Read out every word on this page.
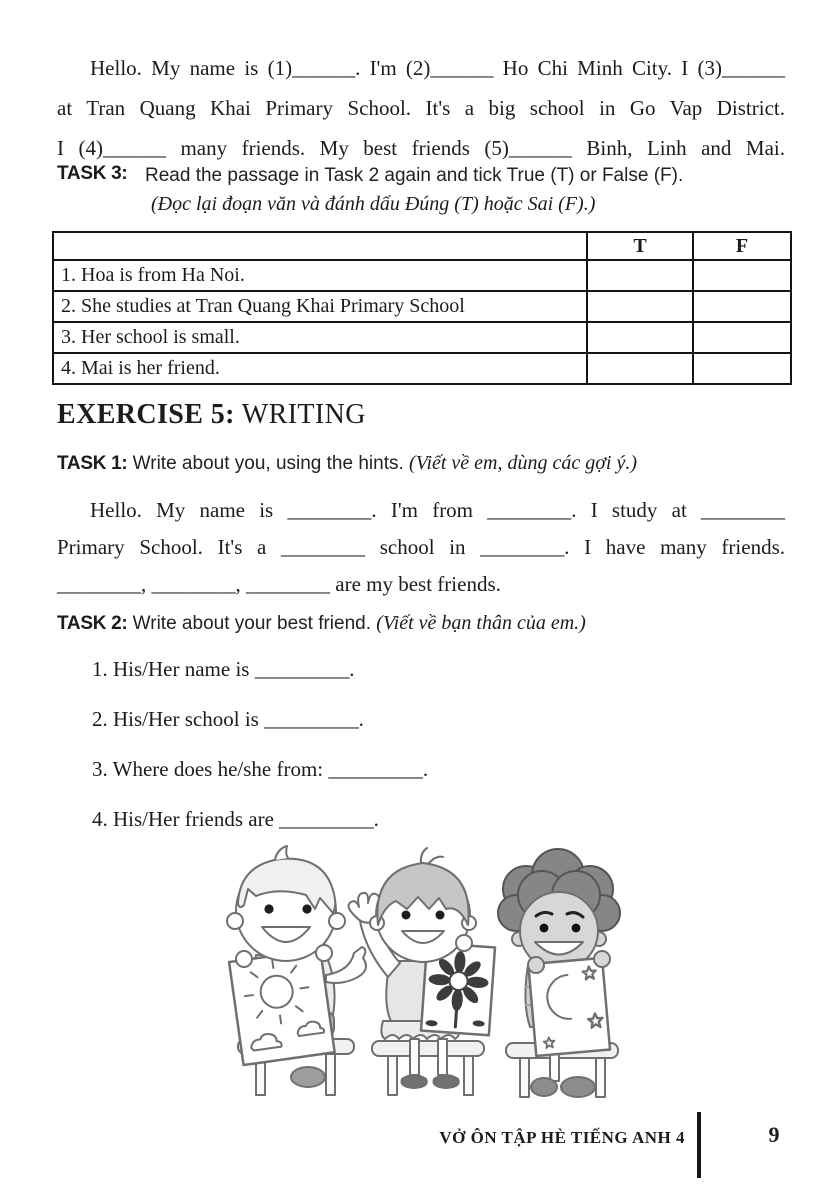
Hello. My name is (1)______. I'm (2)______ Ho Chi Minh City. I (3)______
at Tran Quang Khai Primary School. It's a big school in Go Vap District.
I (4)______ many friends. My best friends (5)______ Binh, Linh and Mai.
TASK 3: Read the passage in Task 2 again and tick True (T) or False (F).
(Đọc lại đoạn văn và đánh dấu Đúng (T) hoặc Sai (F).)
	T	F
1. Hoa is from Ha Noi.		
2. She studies at Tran Quang Khai Primary School		
3. Her school is small.		
4. Mai is her friend.		
EXERCISE 5: WRITING
TASK 1: Write about you, using the hints. (Viết về em, dùng các gợi ý.)
Hello. My name is ________. I'm from ________. I study at ________
Primary School. It's a ________ school in ________. I have many friends.
________, ________, ________ are my best friends.
TASK 2: Write about your best friend. (Viết về bạn thân của em.)
1. His/Her name is _________.
2. His/Her school is _________.
3. Where does he/she from: _________.
4. His/Her friends are _________.
VỞ ÔN TẬP HÈ TIẾNG ANH 4	9
